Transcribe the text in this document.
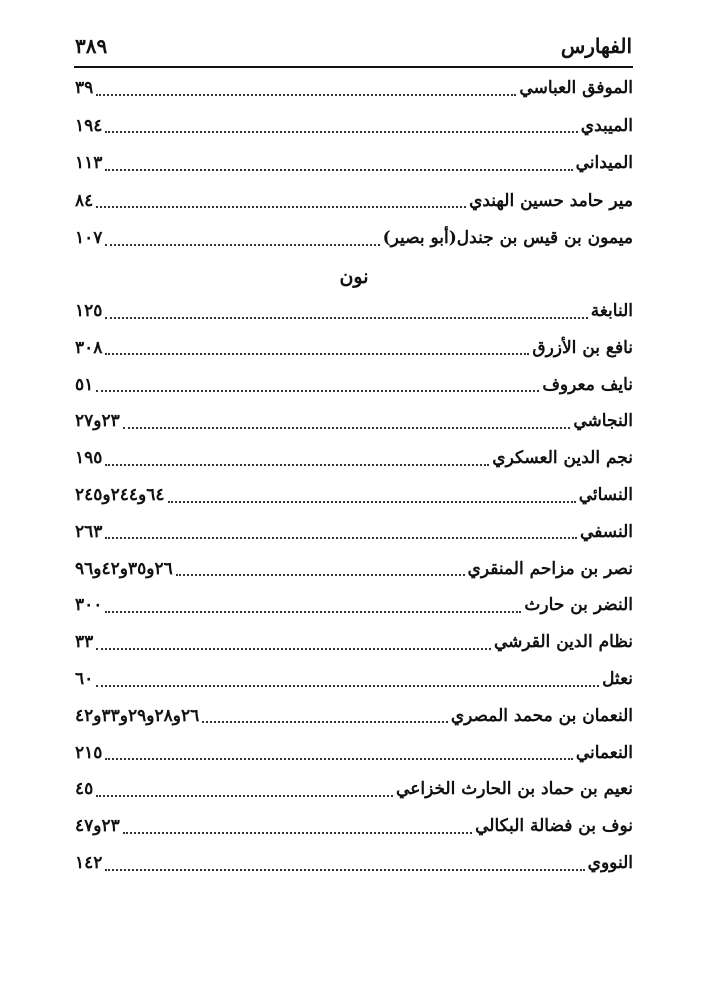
الفهارس
٣٨٩
الموفق العباسي
٣٩
الميبدي
١٩٤
الميداني
١١٣
مير حامد حسين الهندي
٨٤
ميمون بن قيس بن جندل(أبو بصير)
١٠٧
نون
النابغة
١٢٥
نافع بن الأزرق
٣٠٨
نايف معروف
٥١
النجاشي
٢٣و٢٧
نجم الدين العسكري
١٩٥
النسائي
٦٤و٢٤٤و٢٤٥
النسفي
٢٦٣
نصر بن مزاحم المنقري
٢٦و٣٥و٤٢و٩٦
النضر بن حارث
٣٠٠
نظام الدين القرشي
٣٣
نعثل
٦٠
النعمان بن محمد المصري
٢٦و٢٨و٢٩و٣٣و٤٢
النعماني
٢١٥
نعيم بن حماد بن الحارث الخزاعي
٤٥
نوف بن فضالة البكالي
٢٣و٤٧
النووي
١٤٢
